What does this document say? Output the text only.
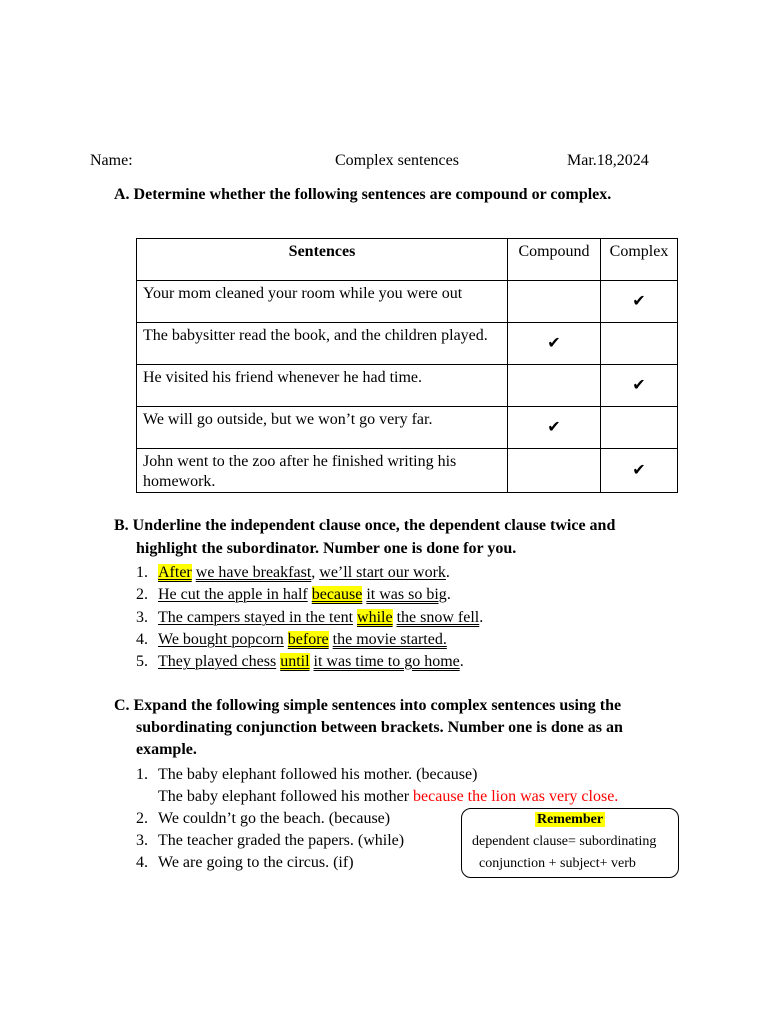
Name:	Complex sentences	Mar.18,2024
A. Determine whether the following sentences are compound or complex.
Sentences	Compound	Complex
Your mom cleaned your room while you were out		✔
The babysitter read the book, and the children played.	✔	
He visited his friend whenever he had time.		✔
We will go outside, but we won’t go very far.	✔	
John went to the zoo after he finished writing his homework.		✔
B. Underline the independent clause once, the dependent clause twice and
highlight the subordinator. Number one is done for you.
1. After we have breakfast, we’ll start our work.
2. He cut the apple in half because it was so big.
3. The campers stayed in the tent while the snow fell.
4. We bought popcorn before the movie started.
5. They played chess until it was time to go home.
C. Expand the following simple sentences into complex sentences using the
subordinating conjunction between brackets. Number one is done as an
example.
1. The baby elephant followed his mother. (because)
The baby elephant followed his mother because the lion was very close.
2. We couldn’t go the beach. (because)
3. The teacher graded the papers. (while)
4. We are going to the circus. (if)
Remember
dependent clause= subordinating
conjunction + subject+ verb
